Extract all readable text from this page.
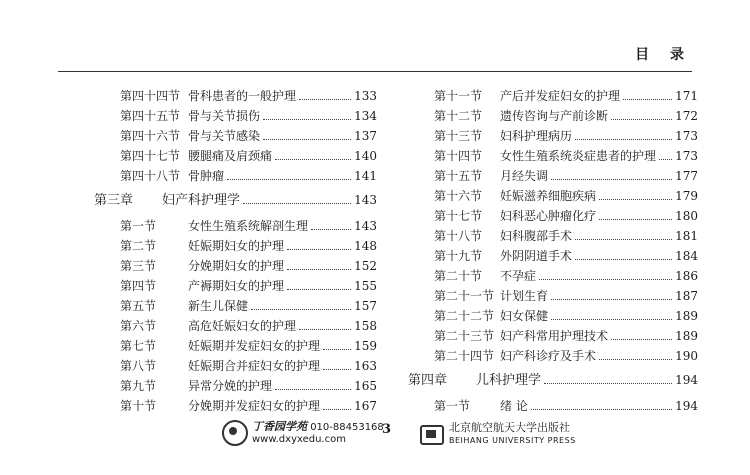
目 录
第四十四节 骨科患者的一般护理	133
第四十五节 骨与关节损伤	134
第四十六节 骨与关节感染	137
第四十七节 腰腿痛及肩颈痛	140
第四十八节 骨肿瘤	141
第三章	妇产科护理学	143
第一节	女性生殖系统解剖生理	143
第二节	妊娠期妇女的护理	148
第三节	分娩期妇女的护理	152
第四节	产褥期妇女的护理	155
第五节	新生儿保健	157
第六节	高危妊娠妇女的护理	158
第七节	妊娠期并发症妇女的护理	159
第八节	妊娠期合并症妇女的护理	163
第九节	异常分娩的护理	165
第十节	分娩期并发症妇女的护理	167
第十一节	产后并发症妇女的护理	171
第十二节	遗传咨询与产前诊断	172
第十三节	妇科护理病历	173
第十四节	女性生殖系统炎症患者的护理 173
第十五节	月经失调	177
第十六节	妊娠滋养细胞疾病	179
第十七节	妇科恶心肿瘤化疗	180
第十八节	妇科腹部手术	181
第十九节	外阴阴道手术	184
第二十节	不孕症	186
第二十一节 计划生育	187
第二十二节 妇女保健	189
第二十三节 妇产科常用护理技术	189
第二十四节 妇产科诊疗及手术	190
第四章	儿科护理学	194
第一节	绪 论	194
丁香园学苑 010-88453168
www.dxyxedu.com
3	北京航空航天大学出版社
BEIHANG UNIVERSITY PRESS
